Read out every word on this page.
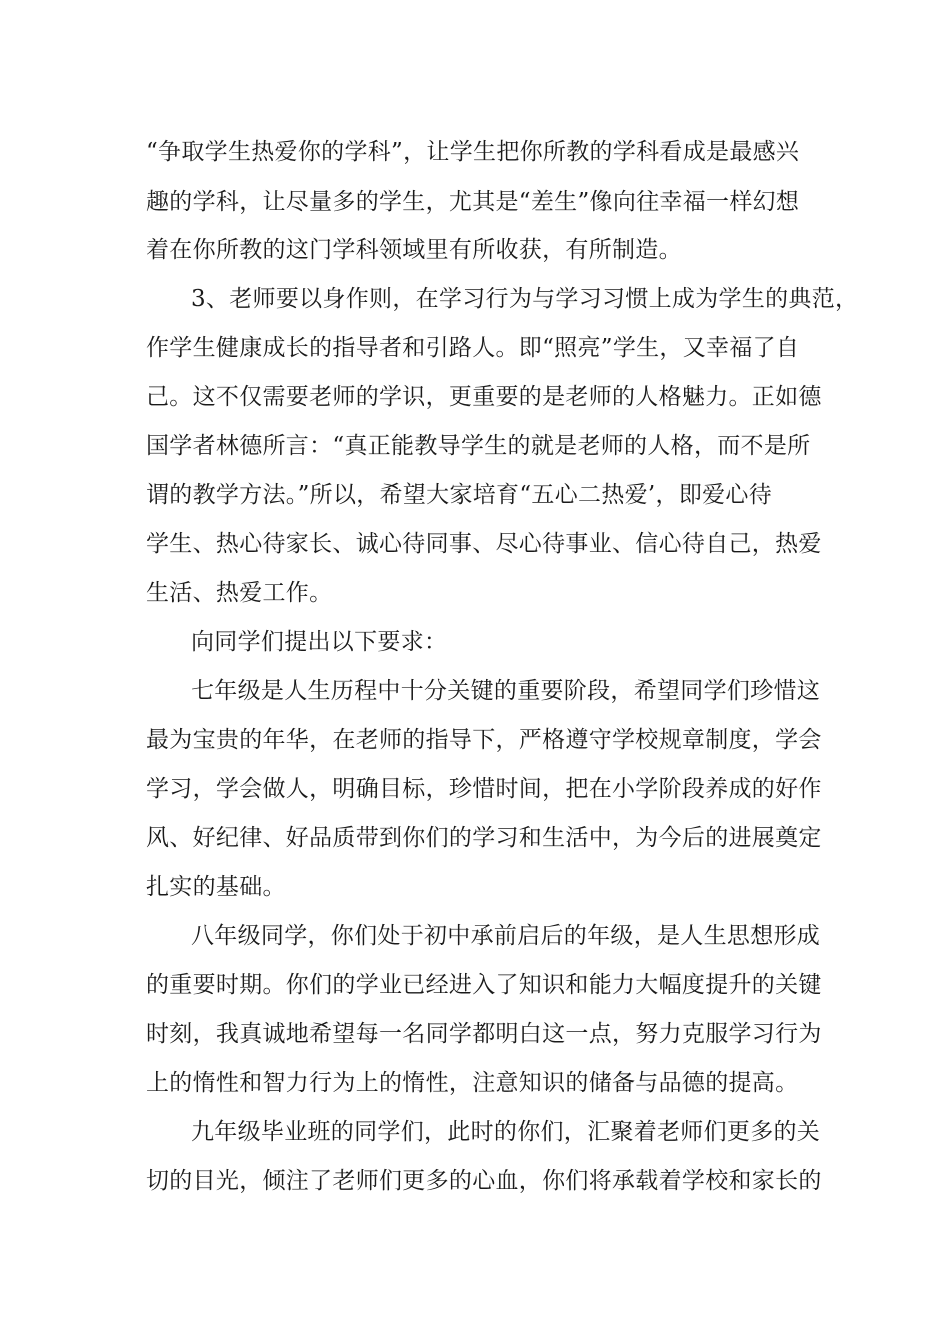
“争取学生热爱你的学科”，让学生把你所教的学科看成是最感兴
趣的学科，让尽量多的学生，尤其是“差生”像向往幸福一样幻想
着在你所教的这门学科领域里有所收获，有所制造。
3、老师要以身作则，在学习行为与学习习惯上成为学生的典范，
作学生健康成长的指导者和引路人。即“照亮”学生，又幸福了自
己。这不仅需要老师的学识，更重要的是老师的人格魅力。正如德
国学者林德所言：“真正能教导学生的就是老师的人格，而不是所
谓的教学方法。”所以，希望大家培育“五心二热爱’，即爱心待
学生、热心待家长、诚心待同事、尽心待事业、信心待自己，热爱
生活、热爱工作。
向同学们提出以下要求：
七年级是人生历程中十分关键的重要阶段，希望同学们珍惜这
最为宝贵的年华，在老师的指导下，严格遵守学校规章制度，学会
学习，学会做人，明确目标，珍惜时间，把在小学阶段养成的好作
风、好纪律、好品质带到你们的学习和生活中，为今后的进展奠定
扎实的基础。
八年级同学，你们处于初中承前启后的年级，是人生思想形成
的重要时期。你们的学业已经进入了知识和能力大幅度提升的关键
时刻，我真诚地希望每一名同学都明白这一点，努力克服学习行为
上的惰性和智力行为上的惰性，注意知识的储备与品德的提高。
九年级毕业班的同学们，此时的你们，汇聚着老师们更多的关
切的目光，倾注了老师们更多的心血，你们将承载着学校和家长的
